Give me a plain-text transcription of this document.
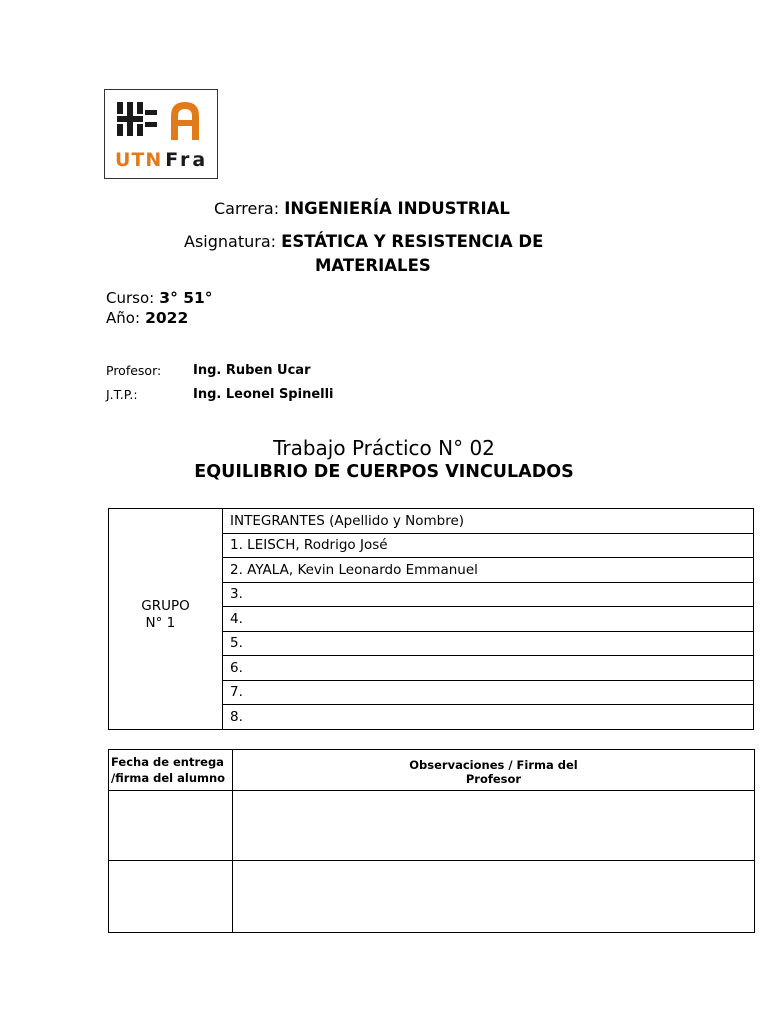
UTN Fra
Carrera: INGENIERÍA INDUSTRIAL
Asignatura: ESTÁTICA Y RESISTENCIA DE
MATERIALES
Curso: 3° 51°
Año: 2022
Profesor: Ing. Ruben Ucar
J.T.P.:	Ing. Leonel Spinelli
Trabajo Práctico N° 02
EQUILIBRIO DE CUERPOS VINCULADOS
GRUPO
N° 1	INTEGRANTES (Apellido y Nombre)
1. LEISCH, Rodrigo José
2. AYALA, Kevin Leonardo Emmanuel
3.
4.
5.
6.
7.
8.
Fecha de entrega
/firma del alumno	Observaciones / Firma del
Profesor
